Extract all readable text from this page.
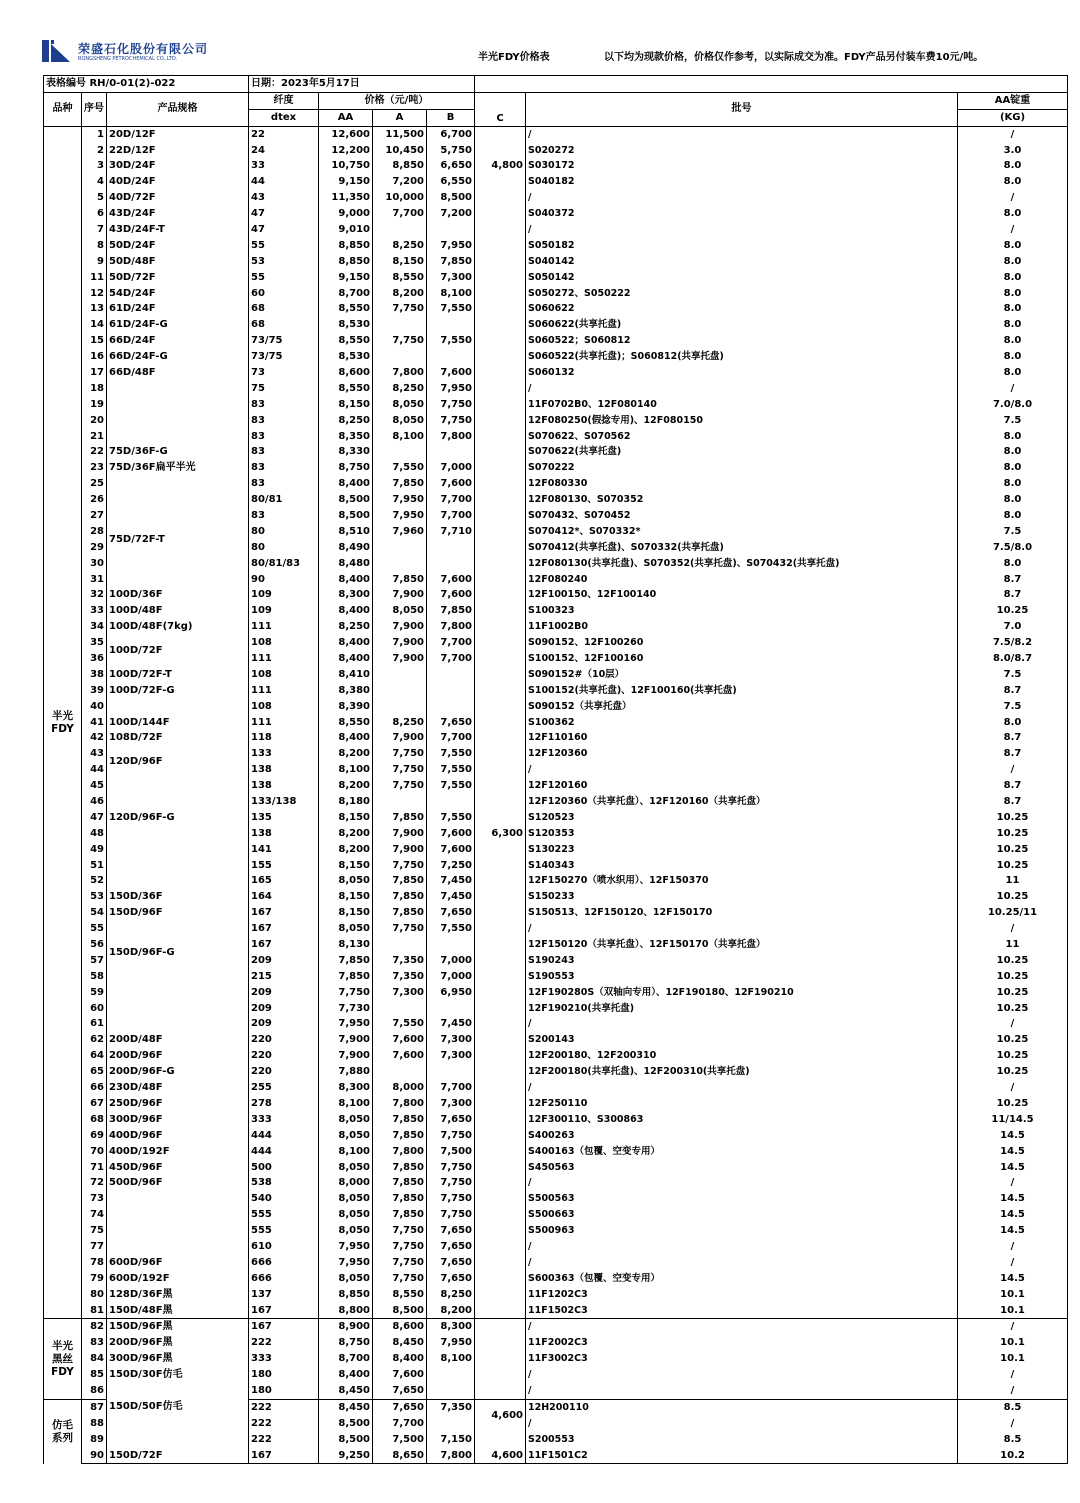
荣盛石化股份有限公司
RONGSHENG PETROCHEMICAL CO.,LTD.	半光FDY价格表	以下均为现款价格，价格仅作参考，以实际成交为准。FDY产品另付装车费10元/吨。
表格编号 RH/0-01(2)-022			日期：2023年5月17日						
品种	序号	产品规格	纤度	价格（元/吨）			C	批号	AA锭重
			dtex	AA	A	B			(KG)
半光 FDY	1	20D/12F	22	12,600	11,500	6,700	4,800	/	/
	2	22D/12F	24	12,200	10,450	5,750		S020272	3.0
	3	30D/24F	33	10,750	8,850	6,650		S030172	8.0
	4	40D/24F	44	9,150	7,200	6,550		S040182	8.0
	5	40D/72F	43	11,350	10,000	8,500		/	/
	6	43D/24F	47	9,000	7,700	7,200		S040372	8.0
	7	43D/24F-T	47	9,010				/	/
	8	50D/24F	55	8,850	8,250	7,950		S050182	8.0
	9	50D/48F	53	8,850	8,150	7,850		S040142	8.0
	11	50D/72F	55	9,150	8,550	7,300		S050142	8.0
	12	54D/24F	60	8,700	8,200	8,100		S050272、S050222	8.0
	13	61D/24F	68	8,550	7,750	7,550		S060622	8.0
	14	61D/24F-G	68	8,530				S060622(共享托盘)	8.0
	15	66D/24F	73/75	8,550	7,750	7,550		S060522；S060812	8.0
	16	66D/24F-G	73/75	8,530				S060522(共享托盘)；S060812(共享托盘)	8.0
	17	66D/48F	73	8,600	7,800	7,600		S060132	8.0
	18		75	8,550	8,250	7,950		/	/
	19		83	8,150	8,050	7,750		11F0702B0、12F080140	7.0/8.0
	20		83	8,250	8,050	7,750		12F080250(假捻专用)、12F080150	7.5
	21		83	8,350	8,100	7,800		S070622、S070562	8.0
	22	75D/36F-G	83	8,330				S070622(共享托盘)	8.0
	23	75D/36F扁平半光	83	8,750	7,550	7,000		S070222	8.0
	25		83	8,400	7,850	7,600		12F080330	8.0
	26		80/81	8,500	7,950	7,700		12F080130、S070352	8.0
	27		83	8,500	7,950	7,700		S070432、S070452	8.0
	28	75D/72F-T	80	8,510	7,960	7,710		S070412*、S070332*	7.5
	29		80	8,490				S070412(共享托盘)、S070332(共享托盘)	7.5/8.0
	30		80/81/83	8,480				12F080130(共享托盘)、S070352(共享托盘)、S070432(共享托盘)	8.0
	31		90	8,400	7,850	7,600		12F080240	8.7
	32	100D/36F	109	8,300	7,900	7,600		12F100150、12F100140	8.7
	33	100D/48F	109	8,400	8,050	7,850		S100323	10.25
	34	100D/48F(7kg)	111	8,250	7,900	7,800		11F1002B0	7.0
	35	100D/72F	108	8,400	7,900	7,700		S090152、12F100260	7.5/8.2
	36		111	8,400	7,900	7,700		S100152、12F100160	8.0/8.7
	38	100D/72F-T	108	8,410				S090152#（10层）	7.5
	39	100D/72F-G	111	8,380				S100152(共享托盘)、12F100160(共享托盘)	8.7
	40		108	8,390				S090152（共享托盘）	7.5
	41	100D/144F	111	8,550	8,250	7,650		S100362	8.0
	42	108D/72F	118	8,400	7,900	7,700		12F110160	8.7
	43	120D/96F	133	8,200	7,750	7,550		12F120360	8.7
	44		138	8,100	7,750	7,550		/	/
	45		138	8,200	7,750	7,550		12F120160	8.7
	46	120D/96F-G	133/138	8,180				12F120360（共享托盘）、12F120160（共享托盘）	8.7
	47		135	8,150	7,850	7,550		S120523	10.25
	48		138	8,200	7,900	7,600	6,300	S120353	10.25
	49		141	8,200	7,900	7,600		S130223	10.25
	51		155	8,150	7,750	7,250		S140343	10.25
	52		165	8,050	7,850	7,450		12F150270（喷水织用）、12F150370	11
	53	150D/36F	164	8,150	7,850	7,450		S150233	10.25
	54	150D/96F	167	8,150	7,850	7,650		S150513、12F150120、12F150170	10.25/11
	55		167	8,050	7,750	7,550		/	/
	56	150D/96F-G	167	8,130				12F150120（共享托盘）、12F150170（共享托盘）	11
	57		209	7,850	7,350	7,000		S190243	10.25
	58		215	7,850	7,350	7,000		S190553	10.25
	59		209	7,750	7,300	6,950		12F190280S（双轴向专用）、12F190180、12F190210	10.25
	60		209	7,730				12F190210(共享托盘)	10.25
	61		209	7,950	7,550	7,450		/	/
	62	200D/48F	220	7,900	7,600	7,300		S200143	10.25
	64	200D/96F	220	7,900	7,600	7,300		12F200180、12F200310	10.25
	65	200D/96F-G	220	7,880				12F200180(共享托盘)、12F200310(共享托盘)	10.25
	66	230D/48F	255	8,300	8,000	7,700		/	/
	67	250D/96F	278	8,100	7,800	7,300		12F250110	10.25
	68	300D/96F	333	8,050	7,850	7,650		12F300110、S300863	11/14.5
	69	400D/96F	444	8,050	7,850	7,750		S400263	14.5
	70	400D/192F	444	8,100	7,800	7,500		S400163（包覆、空变专用）	14.5
	71	450D/96F	500	8,050	7,850	7,750		S450563	14.5
	72	500D/96F	538	8,000	7,850	7,750		/	/
	73		540	8,050	7,850	7,750		S500563	14.5
	74		555	8,050	7,850	7,750		S500663	14.5
	75		555	8,050	7,750	7,650		S500963	14.5
	77		610	7,950	7,750	7,650		/	/
	78	600D/96F	666	7,950	7,750	7,650		/	/
	79	600D/192F	666	8,050	7,750	7,650		S600363（包覆、空变专用）	14.5
	80	128D/36F黑	137	8,850	8,550	8,250		11F1202C3	10.1
	81	150D/48F黑	167	8,800	8,500	8,200		11F1502C3	10.1
半光 黑丝 FDY	82	150D/96F黑	167	8,900	8,600	8,300		/	/
	83	200D/96F黑	222	8,750	8,450	7,950		11F2002C3	10.1
	84	300D/96F黑	333	8,700	8,400	8,100		11F3002C3	10.1
	85	150D/30F仿毛	180	8,400	7,600			/	/
	86	150D/50F仿毛	180	8,450	7,650			/	/
仿毛 系列	87		222	8,450	7,650	7,350	4,600	12H200110	8.5
	88		222	8,500	7,700			/	/
	89		222	8,500	7,500	7,150		S200553	8.5
	90	150D/72F	167	9,250	8,650	7,800	4,600	11F1501C2	10.2
